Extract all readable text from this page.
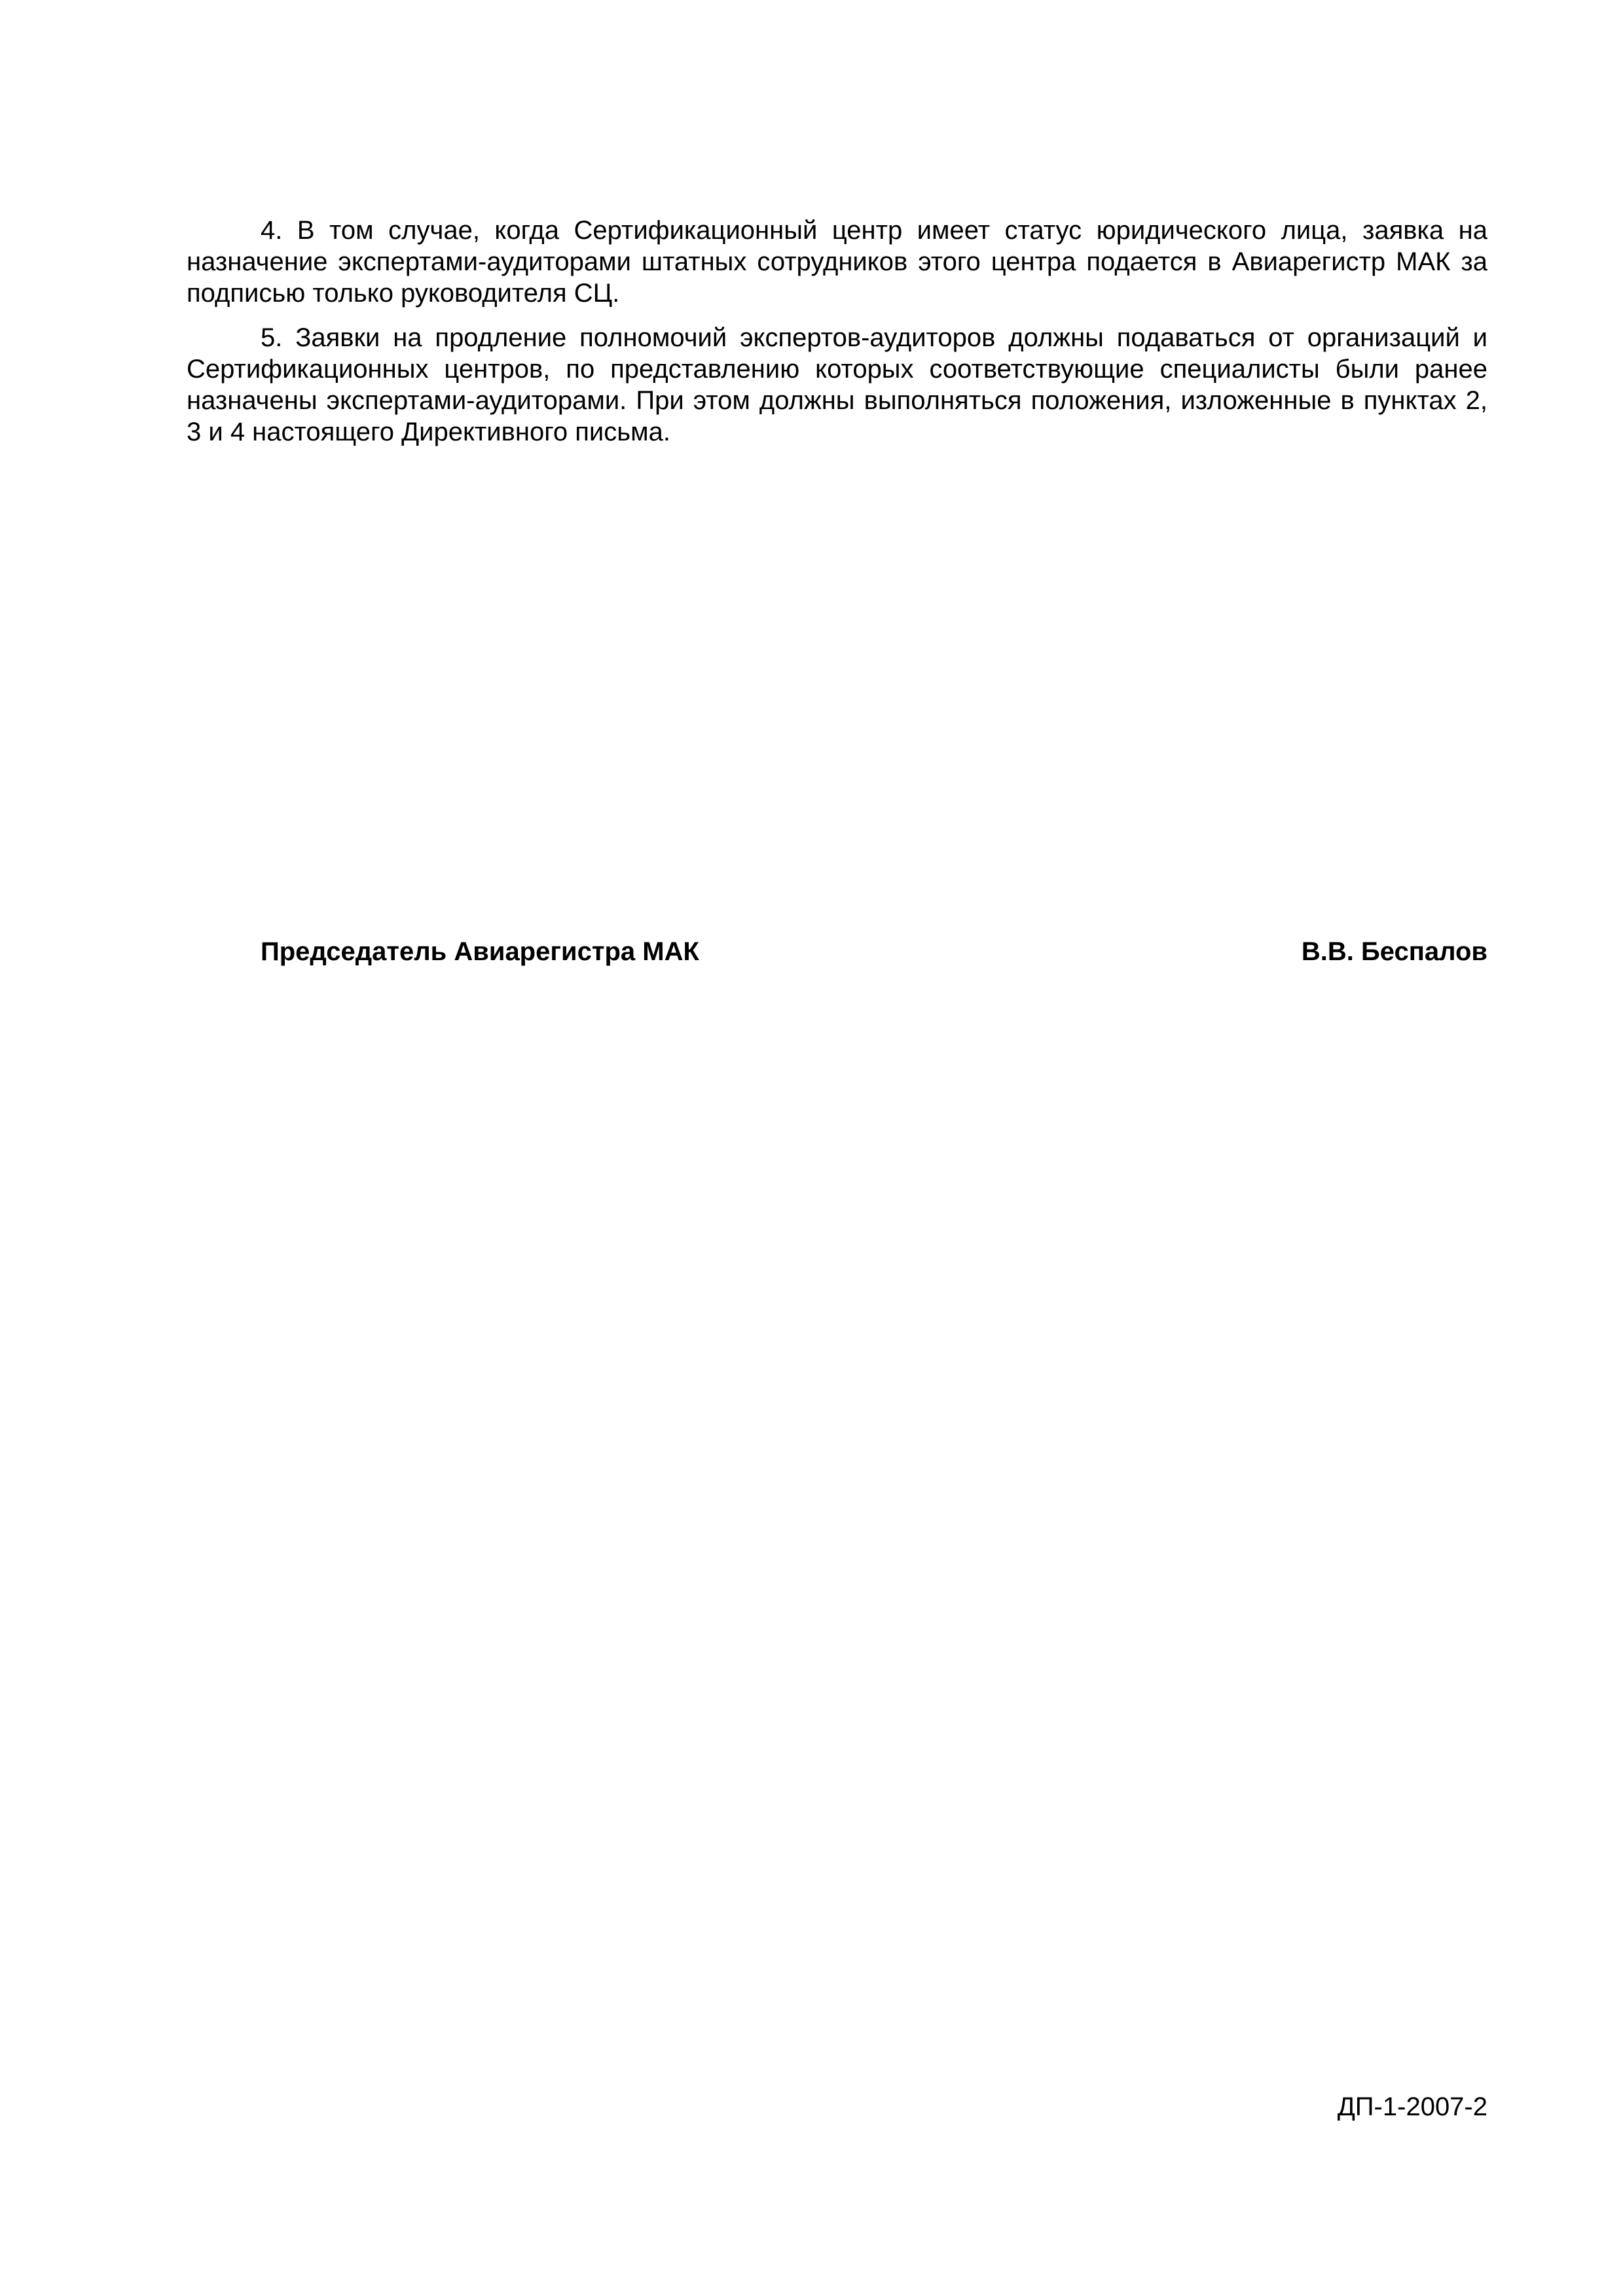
4. В том случае, когда Сертификационный центр имеет статус юридического лица, заявка на назначение экспертами-аудиторами штатных сотрудников этого центра подается в Авиарегистр МАК за подписью только руководителя СЦ.

5. Заявки на продление полномочий экспертов-аудиторов должны подаваться от организаций и Сертификационных центров, по представлению которых соответствующие специалисты были ранее назначены экспертами-аудиторами. При этом должны выполняться положения, изложенные в пунктах 2, 3 и 4 настоящего Директивного письма.

Председатель Авиарегистра МАК	В.В. Беспалов
ДП-1-2007-2
